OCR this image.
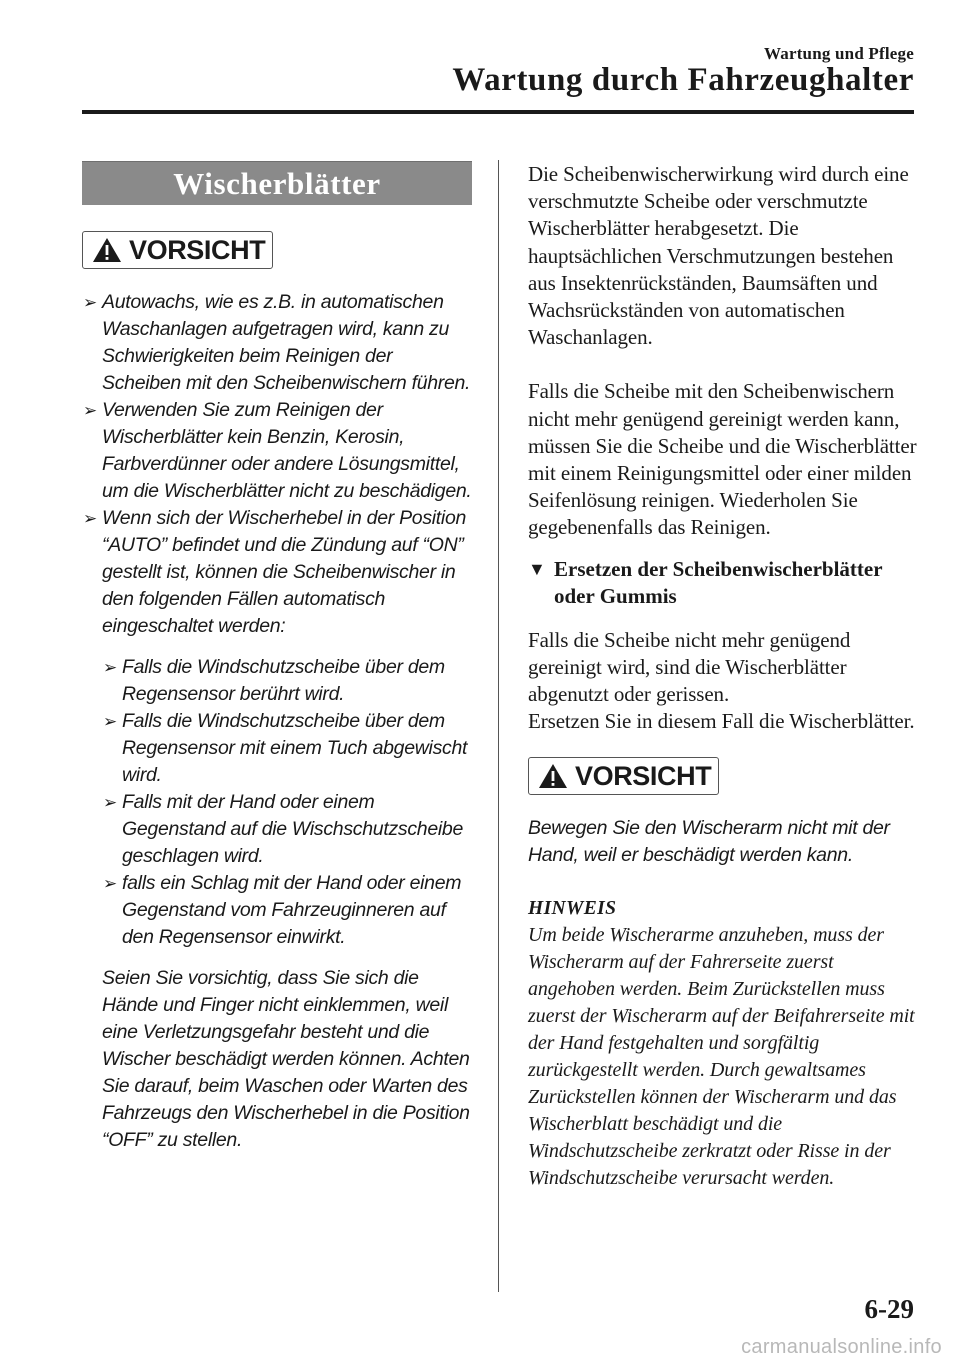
Wartung und Pflege
Wartung durch Fahrzeughalter
Wischerblätter
VORSICHT

➢ Autowachs, wie es z.B. in automatischen Waschanlagen aufgetragen wird, kann zu Schwierigkeiten beim Reinigen der Scheiben mit den Scheibenwischern führen.

➢ Verwenden Sie zum Reinigen der Wischerblätter kein Benzin, Kerosin, Farbverdünner oder andere Lösungsmittel, um die Wischerblätter nicht zu beschädigen.

➢ Wenn sich der Wischerhebel in der Position “AUTO” befindet und die Zündung auf “ON” gestellt ist, können die Scheibenwischer in den folgenden Fällen automatisch eingeschaltet werden:

➢ Falls die Windschutzscheibe über dem Regensensor berührt wird.

➢ Falls die Windschutzscheibe über dem Regensensor mit einem Tuch abgewischt wird.

➢ Falls mit der Hand oder einem Gegenstand auf die Wischschutzscheibe geschlagen wird.

➢ falls ein Schlag mit der Hand oder einem Gegenstand vom Fahrzeuginneren auf den Regensensor einwirkt.

Seien Sie vorsichtig, dass Sie sich die Hände und Finger nicht einklemmen, weil eine Verletzungsgefahr besteht und die Wischer beschädigt werden können. Achten Sie darauf, beim Waschen oder Warten des Fahrzeugs den Wischerhebel in die Position “OFF” zu stellen.

Die Scheibenwischerwirkung wird durch eine verschmutzte Scheibe oder verschmutzte Wischerblätter herabgesetzt. Die hauptsächlichen Verschmutzungen bestehen aus Insektenrückständen, Baumsäften und Wachsrückständen von automatischen Waschanlagen.

Falls die Scheibe mit den Scheibenwischern nicht mehr genügend gereinigt werden kann, müssen Sie die Scheibe und die Wischerblätter mit einem Reinigungsmittel oder einer milden Seifenlösung reinigen. Wiederholen Sie gegebenenfalls das Reinigen.

▼ Ersetzen der Scheibenwischerblätter oder Gummis

Falls die Scheibe nicht mehr genügend gereinigt wird, sind die Wischerblätter abgenutzt oder gerissen.

Ersetzen Sie in diesem Fall die Wischerblätter.

VORSICHT

Bewegen Sie den Wischerarm nicht mit der Hand, weil er beschädigt werden kann.

HINWEIS

Um beide Wischerarme anzuheben, muss der Wischerarm auf der Fahrerseite zuerst angehoben werden. Beim Zurückstellen muss zuerst der Wischerarm auf der Beifahrerseite mit der Hand festgehalten und sorgfältig zurückgestellt werden. Durch gewaltsames Zurückstellen können der Wischerarm und das Wischerblatt beschädigt und die Windschutzscheibe zerkratzt oder Risse in der Windschutzscheibe verursacht werden.

6-29
carmanualsonline.info
